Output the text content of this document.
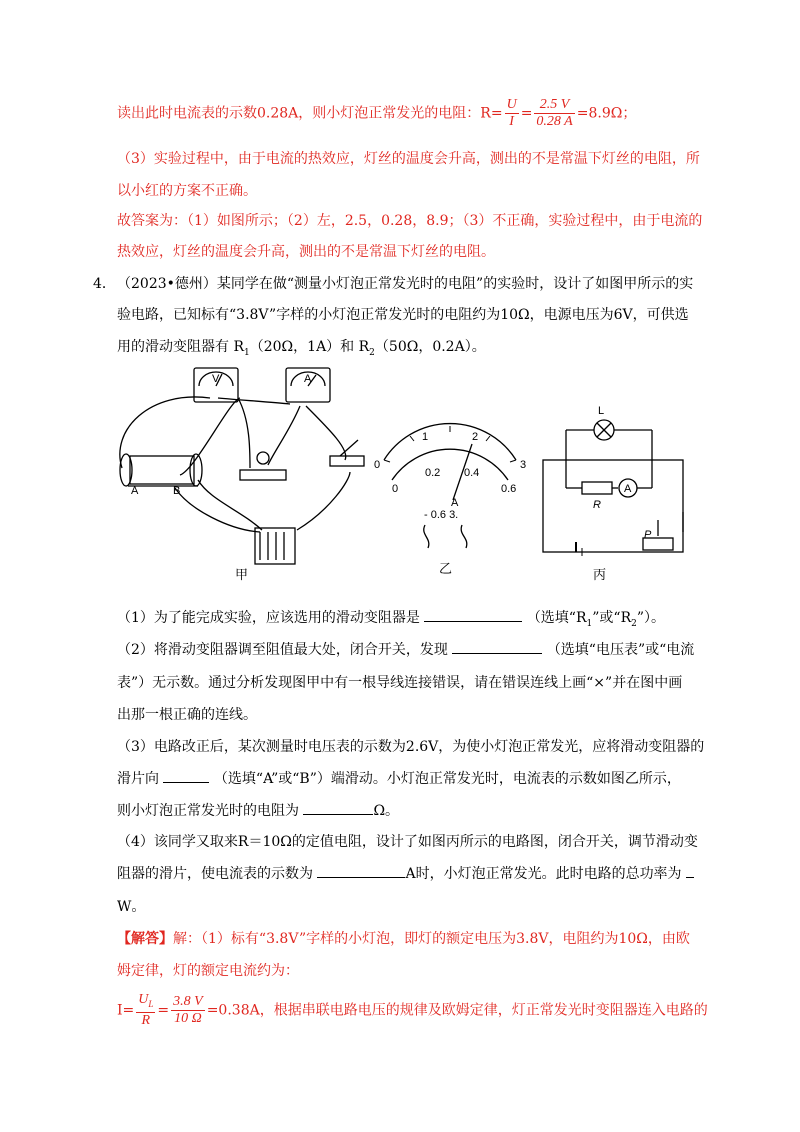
读出此时电流表的示数0.28A，则小灯泡正常发光的电阻：$R= \frac{U}{I} = \frac{2.5 V}{0.28 A} =8.9\Omega$；
（3）实验过程中，由于电流的热效应，灯丝的温度会升高，测出的不是常温下灯丝的电阻，所
以小红的方案不正确。
故答案为：（1）如图所示；（2）左，2.5，0.28，8.9；（3）不正确，实验过程中，由于电流的
热效应，灯丝的温度会升高，测出的不是常温下灯丝的电阻。
4．（2023•德州）某同学在做“测量小灯泡正常发光时的电阻”的实验时，设计了如图甲所示的实
验电路，已知标有“3.8V”字样的小灯泡正常发光时的电阻约为10Ω，电源电压为6V，可供选
用的滑动变阻器有 $R_1(20\Omega$，1A）和 $R_2(50\Omega$，0.2A）。
A	B
V	A
0
1	2
3
0
0.2 0.4
0.6
A
- 0.6 3.
L
R
A
P
甲	乙	丙
（1）为了能完成实验，应该选用的滑动变阻器是	（选填“$R_1$”或“$R_2$”）。
（2）将滑动变阻器调至阻值最大处，闭合开关，发现	（选填“电压表”或“电流
表”）无示数。通过分析发现图甲中有一根导线连接错误，请在错误连线上画“×”并在图中画
出那一根正确的连线。
（3）电路改正后，某次测量时电压表的示数为2.6V，为使小灯泡正常发光，应将滑动变阻器的
滑片向	（选填“A”或“B”）端滑动。小灯泡正常发光时，电流表的示数如图乙所示，
则小灯泡正常发光时的电阻为	Ω。
（4）该同学又取来R＝10Ω的定值电阻，设计了如图丙所示的电路图，闭合开关，调节滑动变
阻器的滑片，使电流表的示数为	A时，小灯泡正常发光。此时电路的总功率为
W。
【解答】解：（1）标有“3.8V”字样的小灯泡，即灯的额定电压为3.8V，电阻约为10Ω，由欧
姆定律，灯的额定电流约为：
$I= \frac{U_L}{R} = \frac{3.8 V}{10 \Omega} =0.38A$，根据串联电路电压的规律及欧姆定律，灯正常发光时变阻器连入电路的
